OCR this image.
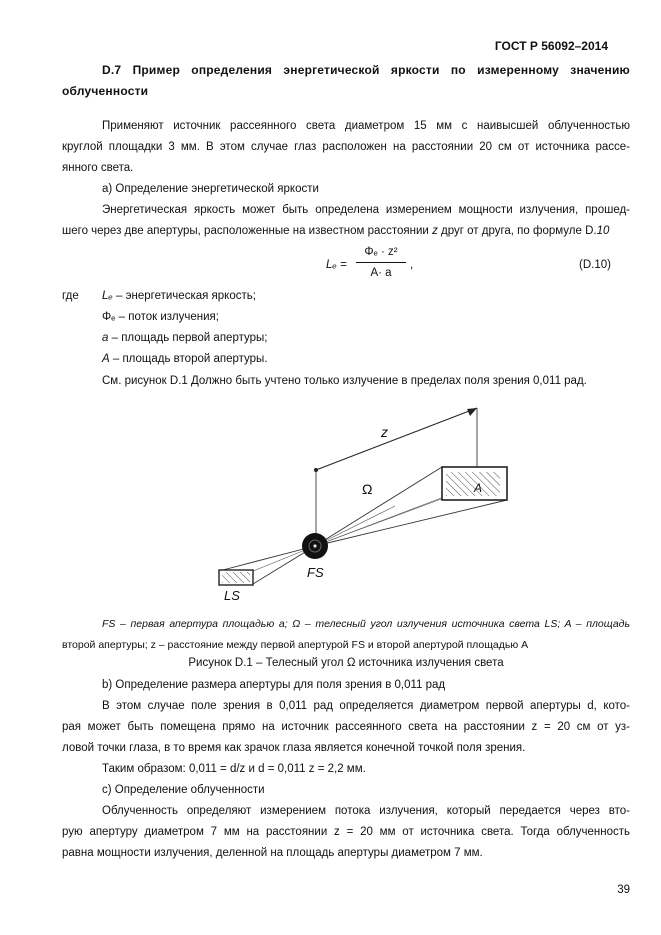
ГОСТ Р 56092–2014
D.7 Пример определения энергетической яркости по измеренному значению
облученности
Применяют источник рассеянного света диаметром 15 мм с наивысшей облученностью
круглой площадки 3 мм. В этом случае глаз расположен на расстоянии 20 см от источника рассе-
янного света.
а) Определение энергетической яркости
Энергетическая яркость может быть определена измерением мощности излучения, прошед-
шего через две апертуры, расположенные на известном расстоянии z друг от друга, по формуле D.10
Lₑ =
Φₑ · z²
A· a
,	(D.10)
где Lₑ – энергетическая яркость;
Φₑ – поток излучения;
a – площадь первой апертуры;
A – площадь второй апертуры.
См. рисунок D.1 Должно быть учтено только излучение в пределах поля зрения 0,011 рад.
z
Ω	A
FS
LS
FS – первая апертура площадью a; Ω – телесный угол излучения источника света LS; A – площадь
второй апертуры; z – расстояние между первой апертурой FS и второй апертурой площадью A
Рисунок D.1 – Телесный угол Ω источника излучения света
b) Определение размера апертуры для поля зрения в 0,011 рад
В этом случае поле зрения в 0,011 рад определяется диаметром первой апертуры d, кото-
рая может быть помещена прямо на источник рассеянного света на расстоянии z = 20 см от уз-
ловой точки глаза, в то время как зрачок глаза является конечной точкой поля зрения.
Таким образом: 0,011 = d/z и d = 0,011 z = 2,2 мм.
c) Определение облученности
Облученность определяют измерением потока излучения, который передается через вто-
рую апертуру диаметром 7 мм на расстоянии z = 20 мм от источника света. Тогда облученность
равна мощности излучения, деленной на площадь апертуры диаметром 7 мм.
39
